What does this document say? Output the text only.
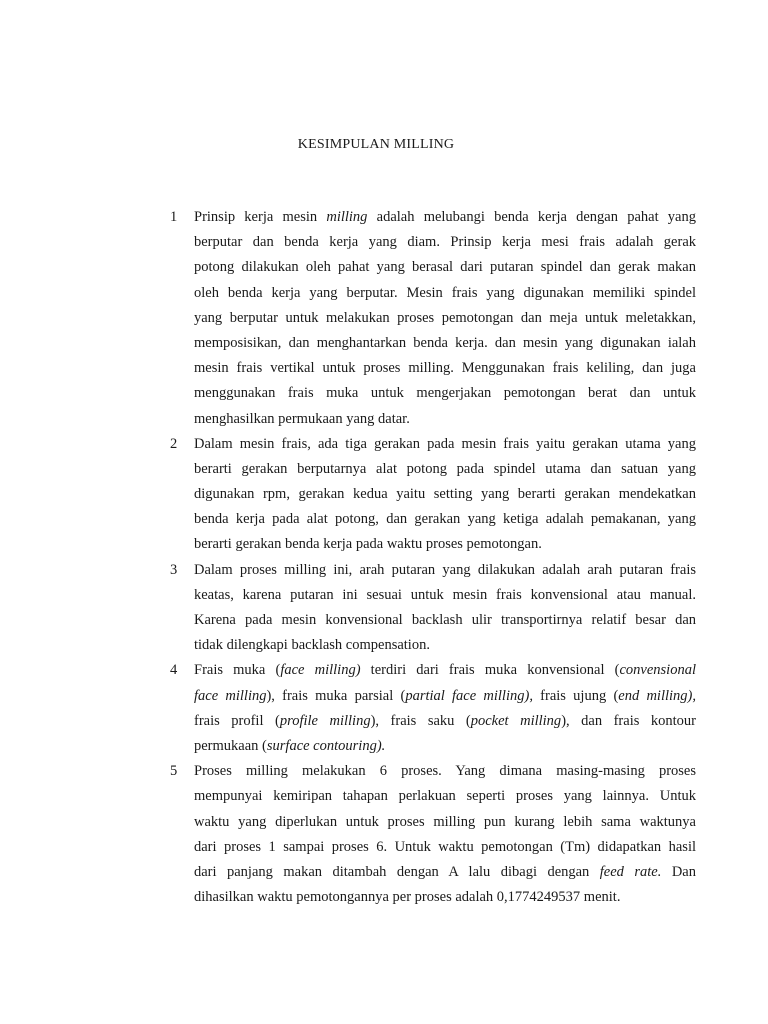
KESIMPULAN MILLING
1 Prinsip kerja mesin milling adalah melubangi benda kerja dengan pahat yang
berputar dan benda kerja yang diam. Prinsip kerja mesi frais adalah gerak
potong dilakukan oleh pahat yang berasal dari putaran spindel dan gerak makan
oleh benda kerja yang berputar. Mesin frais yang digunakan memiliki spindel
yang berputar untuk melakukan proses pemotongan dan meja untuk meletakkan,
memposisikan, dan menghantarkan benda kerja. dan mesin yang digunakan ialah
mesin frais vertikal untuk proses milling. Menggunakan frais keliling, dan juga
menggunakan frais muka untuk mengerjakan pemotongan berat dan untuk
menghasilkan permukaan yang datar.
2 Dalam mesin frais, ada tiga gerakan pada mesin frais yaitu gerakan utama yang
berarti gerakan berputarnya alat potong pada spindel utama dan satuan yang
digunakan rpm, gerakan kedua yaitu setting yang berarti gerakan mendekatkan
benda kerja pada alat potong, dan gerakan yang ketiga adalah pemakanan, yang
berarti gerakan benda kerja pada waktu proses pemotongan.
3 Dalam proses milling ini, arah putaran yang dilakukan adalah arah putaran frais
keatas, karena putaran ini sesuai untuk mesin frais konvensional atau manual.
Karena pada mesin konvensional backlash ulir transportirnya relatif besar dan
tidak dilengkapi backlash compensation.
4 Frais muka (face milling) terdiri dari frais muka konvensional (convensional
face milling), frais muka parsial (partial face milling), frais ujung (end milling),
frais profil (profile milling), frais saku (pocket milling), dan frais kontour
permukaan (surface contouring).
5 Proses milling melakukan 6 proses. Yang dimana masing-masing proses
mempunyai kemiripan tahapan perlakuan seperti proses yang lainnya. Untuk
waktu yang diperlukan untuk proses milling pun kurang lebih sama waktunya
dari proses 1 sampai proses 6. Untuk waktu pemotongan (Tm) didapatkan hasil
dari panjang makan ditambah dengan A lalu dibagi dengan feed rate. Dan
dihasilkan waktu pemotongannya per proses adalah 0,1774249537 menit.
